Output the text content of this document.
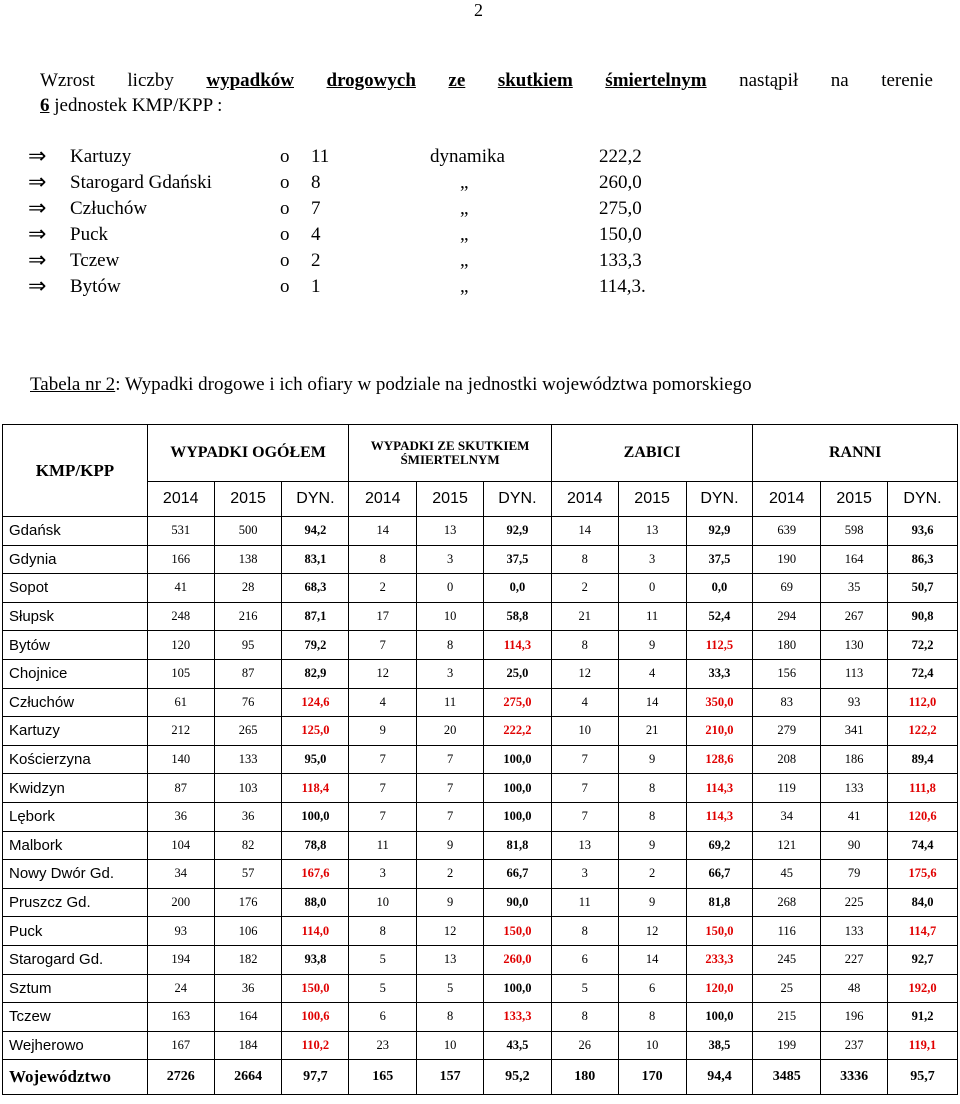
2
Wzrost liczby wypadków drogowych ze skutkiem śmiertelnym nastąpił na terenie
6 jednostek KMP/KPP :
⇒ Kartuzy	o 11	dynamika	222,2
⇒ Starogard Gdański	o 8	„	260,0
⇒ Człuchów	o 7	„	275,0
⇒ Puck	o 4	„	150,0
⇒ Tczew	o 2	„	133,3
⇒ Bytów	o 1	„	114,3.
Tabela nr 2: Wypadki drogowe i ich ofiary w podziale na jednostki województwa pomorskiego
KMP/KPP	WYPADKI OGÓŁEM			WYPADKI ZE SKUTKIEM ŚMIERTELNYM			ZABICI			RANNI		
	2014	2015	DYN.	2014	2015	DYN.	2014	2015	DYN.	2014	2015	DYN.
Gdańsk	531	500	94,2	14	13	92,9	14	13	92,9	639	598	93,6
Gdynia	166	138	83,1	8	3	37,5	8	3	37,5	190	164	86,3
Sopot	41	28	68,3	2	0	0,0	2	0	0,0	69	35	50,7
Słupsk	248	216	87,1	17	10	58,8	21	11	52,4	294	267	90,8
Bytów	120	95	79,2	7	8	114,3	8	9	112,5	180	130	72,2
Chojnice	105	87	82,9	12	3	25,0	12	4	33,3	156	113	72,4
Człuchów	61	76	124,6	4	11	275,0	4	14	350,0	83	93	112,0
Kartuzy	212	265	125,0	9	20	222,2	10	21	210,0	279	341	122,2
Kościerzyna	140	133	95,0	7	7	100,0	7	9	128,6	208	186	89,4
Kwidzyn	87	103	118,4	7	7	100,0	7	8	114,3	119	133	111,8
Lębork	36	36	100,0	7	7	100,0	7	8	114,3	34	41	120,6
Malbork	104	82	78,8	11	9	81,8	13	9	69,2	121	90	74,4
Nowy Dwór Gd.	34	57	167,6	3	2	66,7	3	2	66,7	45	79	175,6
Pruszcz Gd.	200	176	88,0	10	9	90,0	11	9	81,8	268	225	84,0
Puck	93	106	114,0	8	12	150,0	8	12	150,0	116	133	114,7
Starogard Gd.	194	182	93,8	5	13	260,0	6	14	233,3	245	227	92,7
Sztum	24	36	150,0	5	5	100,0	5	6	120,0	25	48	192,0
Tczew	163	164	100,6	6	8	133,3	8	8	100,0	215	196	91,2
Wejherowo	167	184	110,2	23	10	43,5	26	10	38,5	199	237	119,1
Województwo	2726	2664	97,7	165	157	95,2	180	170	94,4	3485	3336	95,7
